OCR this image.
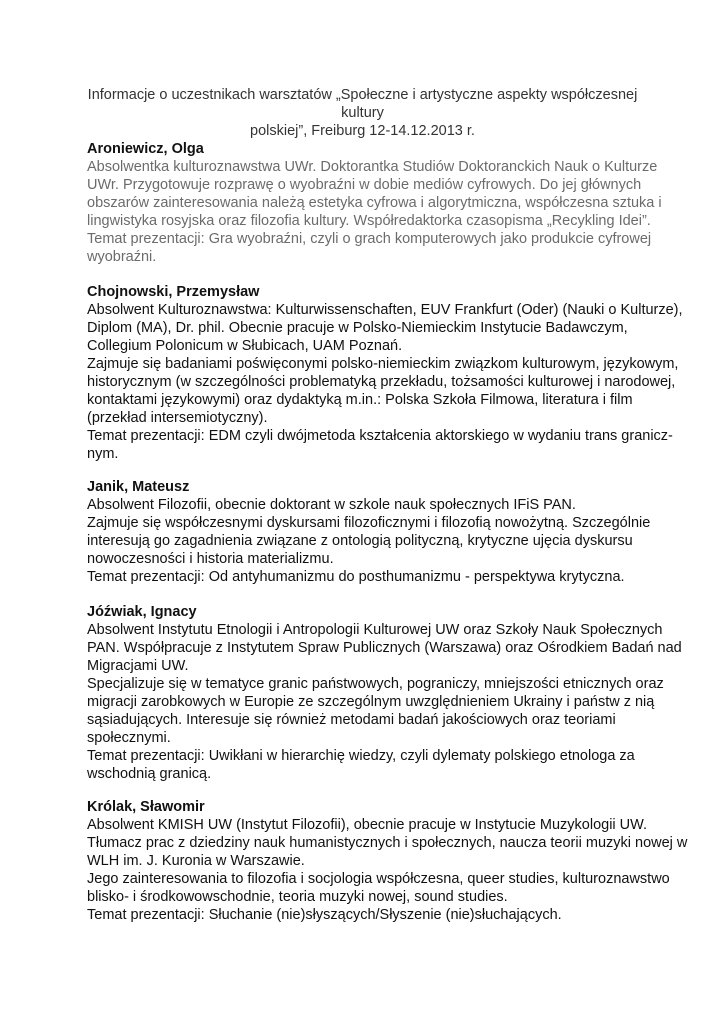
Informacje o uczestnikach warsztatów „Społeczne i artystyczne aspekty współczesnej kultury
polskiej”, Freiburg 12-14.12.2013 r.
Aroniewicz, Olga
Absolwentka kulturoznawstwa UWr. Doktorantka Studiów Doktoranckich Nauk o Kulturze
UWr. Przygotowuje rozprawę o wyobraźni w dobie mediów cyfrowych. Do jej głównych
obszarów zainteresowania należą estetyka cyfrowa i algorytmiczna, współczesna sztuka i
lingwistyka rosyjska oraz filozofia kultury. Współredaktorka czasopisma „Recykling Idei”.
Temat prezentacji: Gra wyobraźni, czyli o grach komputerowych jako produkcie cyfrowej
wyobraźni.
Chojnowski, Przemysław
Absolwent Kulturoznawstwa: Kulturwissenschaften, EUV Frankfurt (Oder) (Nauki o Kulturze),
Diplom (MA), Dr. phil. Obecnie pracuje w Polsko-Niemieckim Instytucie Badawczym,
Collegium Polonicum w Słubicach, UAM Poznań.
Zajmuje się badaniami poświęconymi polsko-niemieckim związkom kulturowym, językowym,
historycznym (w szczególności problematyką przekładu, tożsamości kulturowej i narodowej,
kontaktami językowymi) oraz dydaktyką m.in.: Polska Szkoła Filmowa, literatura i film
(przekład intersemiotyczny).
Temat prezentacji: EDM czyli dwójmetoda kształcenia aktorskiego w wydaniu trans granicz-
nym.
Janik, Mateusz
Absolwent Filozofii, obecnie doktorant w szkole nauk społecznych IFiS PAN.
Zajmuje się współczesnymi dyskursami filozoficznymi i filozofią nowożytną. Szczególnie
interesują go zagadnienia związane z ontologią polityczną, krytyczne ujęcia dyskursu
nowoczesności i historia materializmu.
Temat prezentacji: Od antyhumanizmu do posthumanizmu - perspektywa krytyczna.
Jóźwiak, Ignacy
Absolwent Instytutu Etnologii i Antropologii Kulturowej UW oraz Szkoły Nauk Społecznych
PAN. Współpracuje z Instytutem Spraw Publicznych (Warszawa) oraz Ośrodkiem Badań nad
Migracjami UW.
Specjalizuje się w tematyce granic państwowych, pograniczy, mniejszości etnicznych oraz
migracji zarobkowych w Europie ze szczególnym uwzględnieniem Ukrainy i państw z nią
sąsiadujących. Interesuje się również metodami badań jakościowych oraz teoriami
społecznymi.
Temat prezentacji: Uwikłani w hierarchię wiedzy, czyli dylematy polskiego etnologa za
wschodnią granicą.
Królak, Sławomir
Absolwent KMISH UW (Instytut Filozofii), obecnie pracuje w Instytucie Muzykologii UW.
Tłumacz prac z dziedziny nauk humanistycznych i społecznych, naucza teorii muzyki nowej w
WLH im. J. Kuronia w Warszawie.
Jego zainteresowania to filozofia i socjologia współczesna, queer studies, kulturoznawstwo
blisko- i środkowowschodnie, teoria muzyki nowej, sound studies.
Temat prezentacji: Słuchanie (nie)słyszących/Słyszenie (nie)słuchających.
